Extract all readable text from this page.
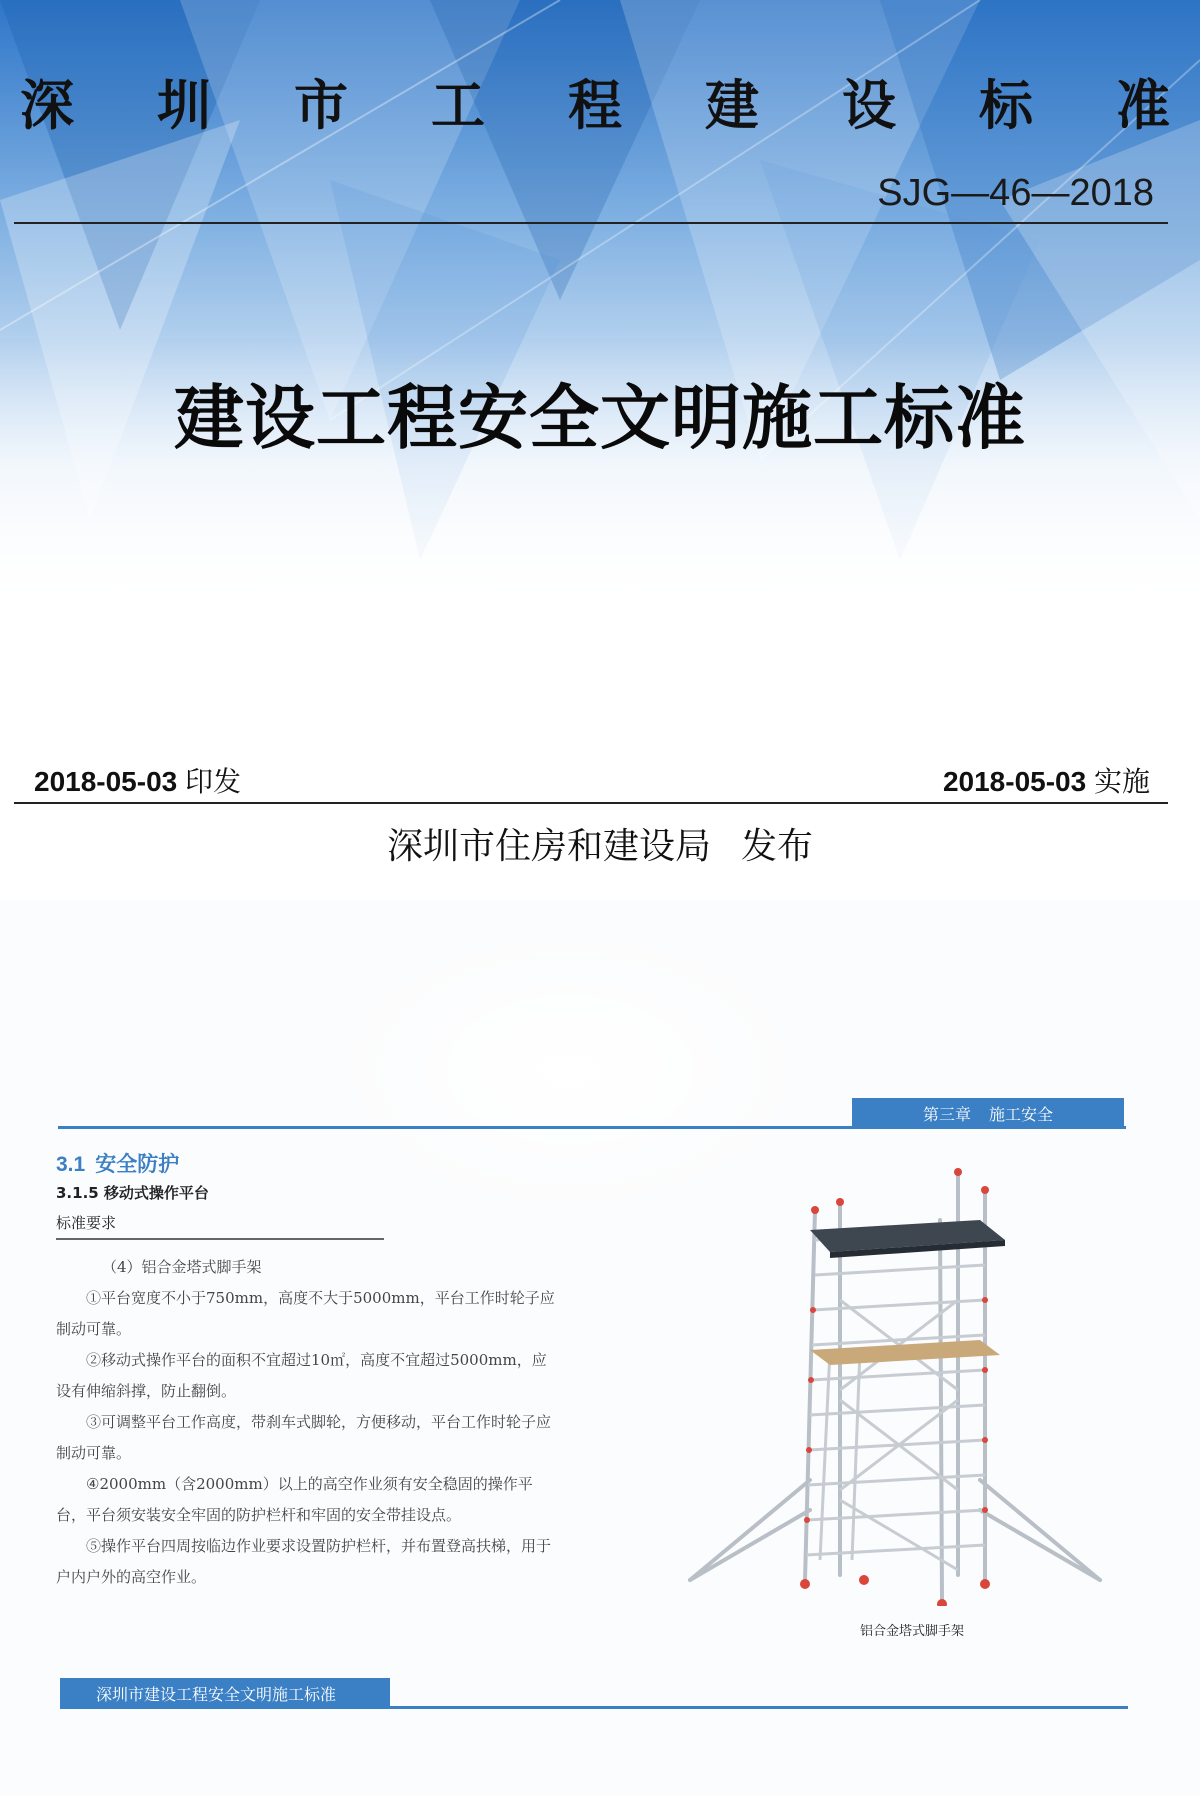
深 圳 市 工 程 建 设 标 准
SJG—46—2018
建设工程安全文明施工标准
2018-05-03 印发	2018-05-03 实施
深圳市住房和建设局 发布
第三章 施工安全
3.1 安全防护
3.1.5 移动式操作平台
标准要求

（4）铝合金塔式脚手架

①平台宽度不小于750mm，高度不大于5000mm，平台工作时轮子应制动可靠。

②移动式操作平台的面积不宜超过10㎡，高度不宜超过5000mm，应设有伸缩斜撑，防止翻倒。

③可调整平台工作高度，带刹车式脚轮，方便移动，平台工作时轮子应制动可靠。

④2000mm（含2000mm）以上的高空作业须有安全稳固的操作平台，平台须安装安全牢固的防护栏杆和牢固的安全带挂设点。

⑤操作平台四周按临边作业要求设置防护栏杆，并布置登高扶梯，用于户内户外的高空作业。

铝合金塔式脚手架
深圳市建设工程安全文明施工标准
